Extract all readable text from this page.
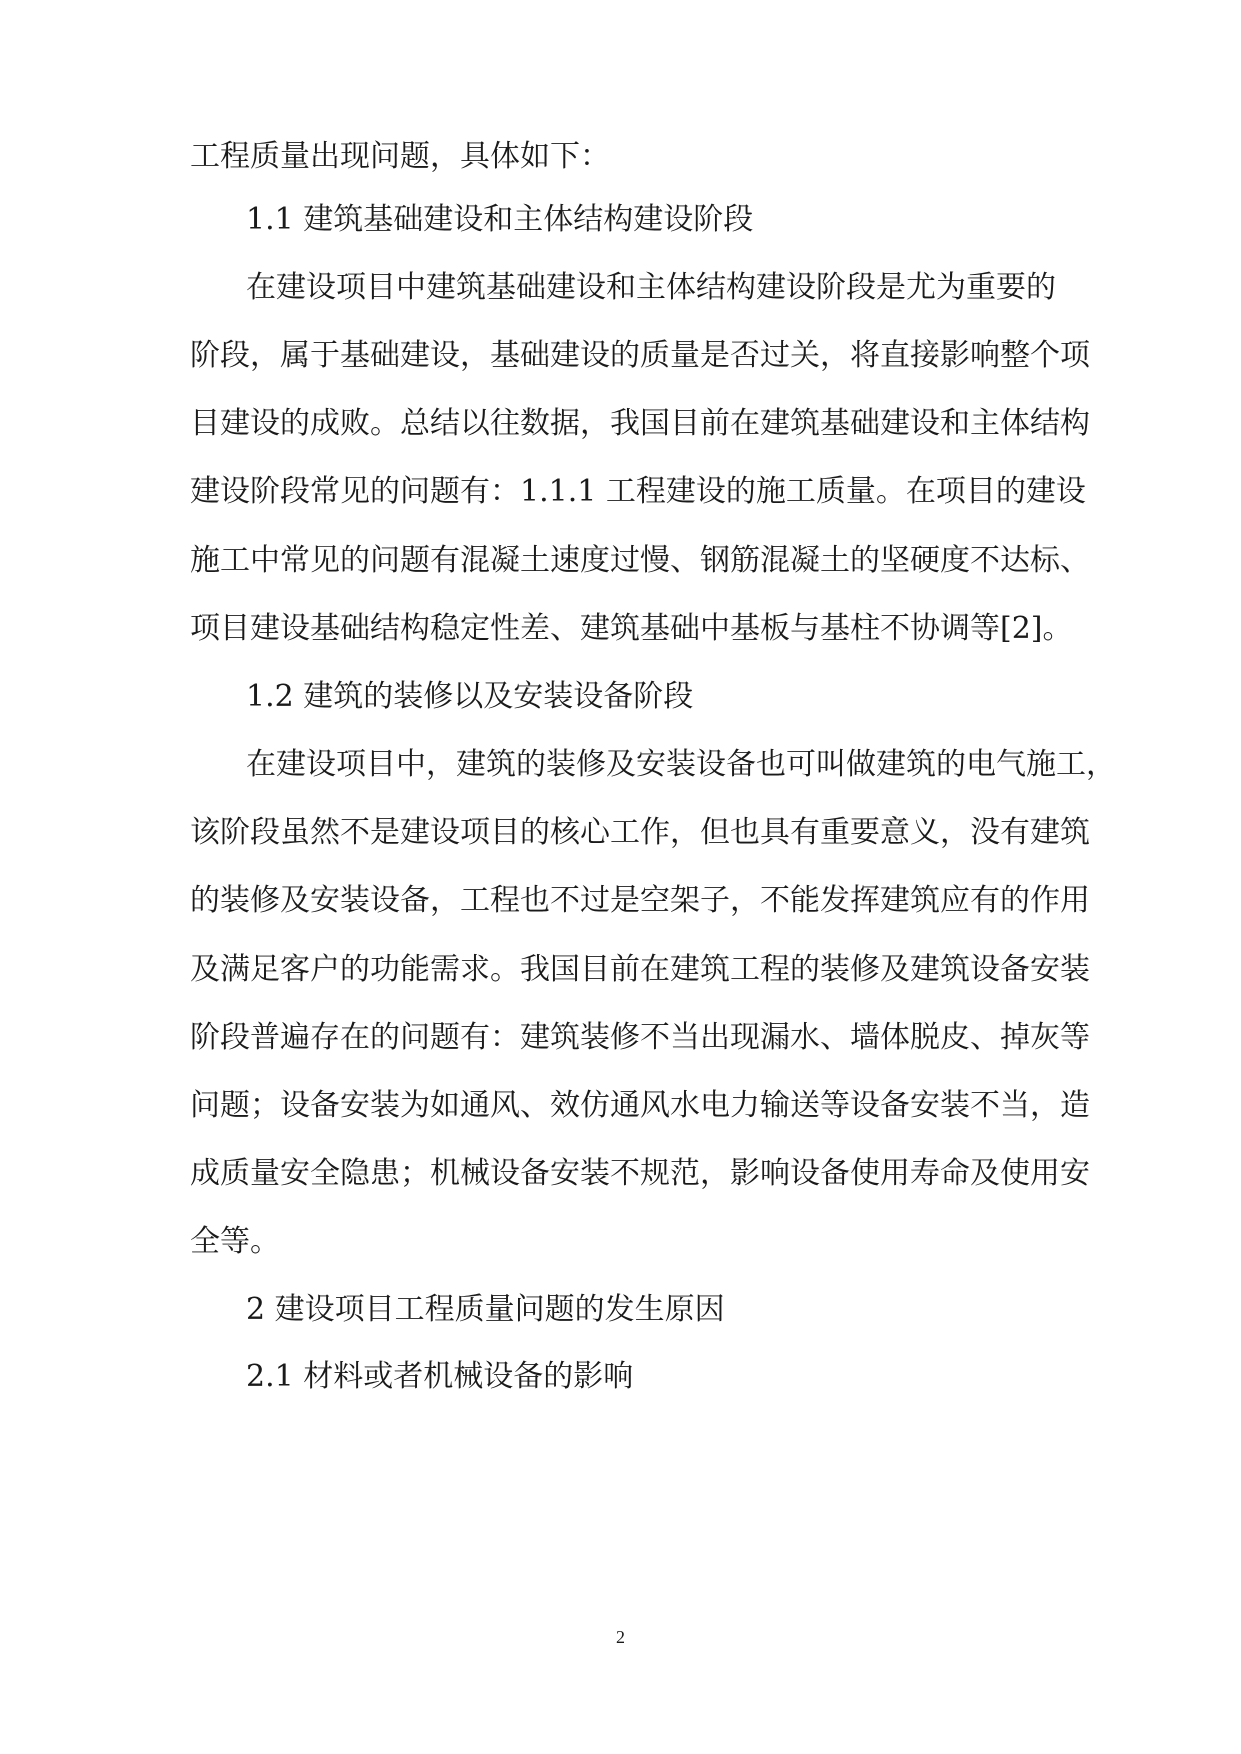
工程质量出现问题，具体如下：
1.1 建筑基础建设和主体结构建设阶段
在建设项目中建筑基础建设和主体结构建设阶段是尤为重要的
阶段，属于基础建设，基础建设的质量是否过关，将直接影响整个项
目建设的成败。总结以往数据，我国目前在建筑基础建设和主体结构
建设阶段常见的问题有：1.1.1 工程建设的施工质量。在项目的建设
施工中常见的问题有混凝土速度过慢、钢筋混凝土的坚硬度不达标、
项目建设基础结构稳定性差、建筑基础中基板与基柱不协调等[2]。
1.2 建筑的装修以及安装设备阶段
在建设项目中，建筑的装修及安装设备也可叫做建筑的电气施工，
该阶段虽然不是建设项目的核心工作，但也具有重要意义，没有建筑
的装修及安装设备，工程也不过是空架子，不能发挥建筑应有的作用
及满足客户的功能需求。我国目前在建筑工程的装修及建筑设备安装
阶段普遍存在的问题有：建筑装修不当出现漏水、墙体脱皮、掉灰等
问题；设备安装为如通风、效仿通风水电力输送等设备安装不当，造
成质量安全隐患；机械设备安装不规范，影响设备使用寿命及使用安
全等。
2 建设项目工程质量问题的发生原因
2.1 材料或者机械设备的影响
2
